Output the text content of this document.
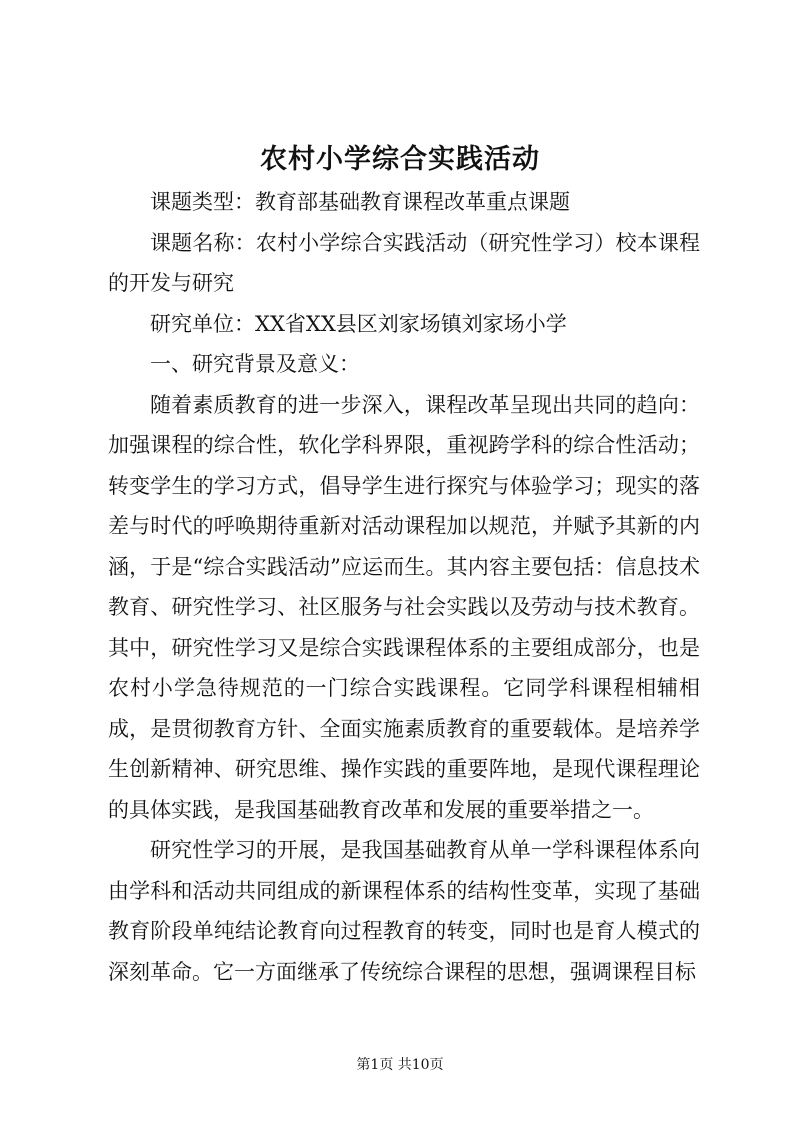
农村小学综合实践活动

课题类型：教育部基础教育课程改革重点课题

课题名称：农村小学综合实践活动（研究性学习）校本课程的开发与研究

研究单位：XX省XX县区刘家场镇刘家场小学

一、研究背景及意义：

随着素质教育的进一步深入，课程改革呈现出共同的趋向：加强课程的综合性，软化学科界限，重视跨学科的综合性活动；转变学生的学习方式，倡导学生进行探究与体验学习；现实的落差与时代的呼唤期待重新对活动课程加以规范，并赋予其新的内涵，于是“综合实践活动”应运而生。其内容主要包括：信息技术教育、研究性学习、社区服务与社会实践以及劳动与技术教育。其中，研究性学习又是综合实践课程体系的主要组成部分，也是农村小学急待规范的一门综合实践课程。它同学科课程相辅相成，是贯彻教育方针、全面实施素质教育的重要载体。是培养学生创新精神、研究思维、操作实践的重要阵地，是现代课程理论的具体实践，是我国基础教育改革和发展的重要举措之一。

研究性学习的开展，是我国基础教育从单一学科课程体系向由学科和活动共同组成的新课程体系的结构性变革，实现了基础教育阶段单纯结论教育向过程教育的转变，同时也是育人模式的深刻革命。它一方面继承了传统综合课程的思想，强调课程目标

第1页 共10页
